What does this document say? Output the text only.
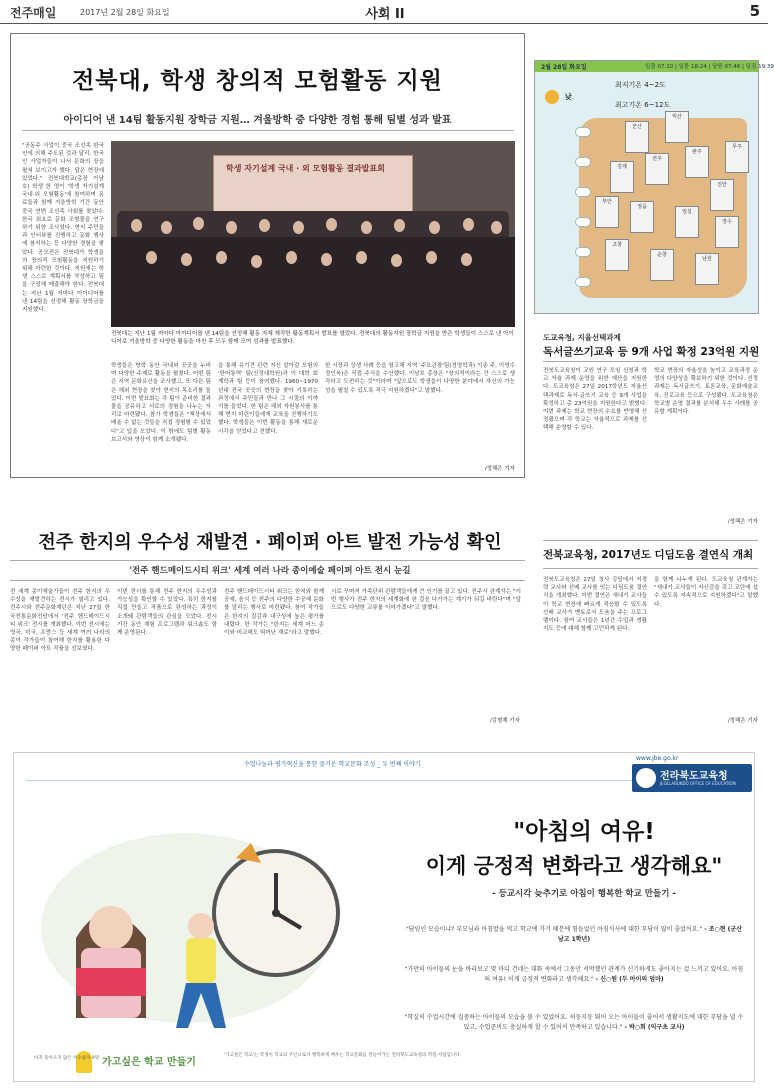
전주매일	2017년 2월 28일 화요일	사회 II	5
전북대, 학생 창의적 모험활동 지원
아이디어 낸 14팀 활동지원 장학금 지원… 겨울방학 중 다양한 경험 통해 팀별 성과 발표
"공동주 사업이 중국 조선족 한국인에 의해 주도된 것과 달리, 한국인 사업자들이 나서 문화의 장을 펼쳐 보이고자 했다. 답은 현장에 있었다." 전북대학교(총장 이남호) 학생 한 명이 '학생 자기설계 국내·외 모험활동'에 참여하며 동료들과 함께 겨울방학 기간 동안 중국 연변 조선족 사회를 찾았다. 한국 최초로 문화 조형물을 연구하기 위한 조사였다. 현지 주민들과 인터뷰를 진행하고 문화 행사에 참석하는 등 다양한 경험을 쌓았다. 공모전은 전북대가 학생들의 창의적 모험활동을 지원하기 위해 마련한 것이다. 지원에는 학생 스스로 계획서를 작성하고 팀을 구성해 제출해야 한다. 전북대는 지난 1월 저마다 아이디어를 낸 14팀을 선정해 활동 장학금을 지원했다.
학생 자기설계 국내 · 외 모험활동 결과발표회
전북대는 지난 1월 저마다 아이디어를 낸 14팀을 선정해 활동 자체 제작한 활동계획서 발표를 열었다. 전북대의 활동지원 장학금 지원을 받은 학생들이 스스로 낸 아이디어로 겨울방학 중 다양한 활동을 마친 후 모두 함께 모여 성과를 발표했다.
학생들은 방학 동안 국내외 곳곳을 누비며 다양한 주제로 활동을 펼쳤다. 어떤 팀은 지역 문화유산을 조사했고, 또 다른 팀은 해외 현장을 찾아 현지의 목소리를 들었다. 이번 발표회는 각 팀이 준비한 결과물을 공유하고 서로의 경험을 나누는 자리로 마련됐다. 참가 학생들은 "책상에서 배울 수 없는 것들을 직접 경험할 수 있었다"고 입을 모았다. 이 밖에도 팀별 활동 보고서와 영상이 함께 소개됐다.
을 통해 유기견 관련 자신 알아갈 모험의 '한어통역' 팀(신정대학원)과 이 대학 회계학과 팀 등이 참여했다. 1960~1970년대 전국 곳곳의 현장을 찾아 기록하는 과정에서 주민들과 만나 그 시절의 이야기를 들었다. 한 팀은 해외 자원봉사를 통해 현지 어린이들에게 교육을 진행하기도 했다. 학생들은 이번 활동을 통해 새로운 시각을 얻었다고 전했다.
한 시장과 상생 사례 등을 참고해 지역 '주요관광'팀(경영학과) 이송 주, 이영수 정인욱)은 직접 주식을 수산했다. 이남호 총장은 "창의적이라는 건 스스로 생각하고 도전하는 것"이라며 "앞으로도 학생들이 다양한 분야에서 자신의 가능성을 펼칠 수 있도록 적극 지원하겠다"고 말했다.
/정해은 기자
전주 한지의 우수성 재발견 · 페이퍼 아트 발전 가능성 확인
'전주 핸드메이드시티 위크' 세계 여러 나라 종이예술 페이퍼 아트 전시 눈길
전 세계 종이예술가들이 전주 한지의 우수성을 재발견하는 전시가 열리고 있다. 전주시와 전주문화재단은 지난 27일 한국전통문화전당에서 '전주 핸드메이드시티 위크' 전시를 개최했다. 이번 전시에는 영국, 미국, 프랑스 등 세계 여러 나라의 종이 작가들이 참여해 한지를 활용한 다양한 페이퍼 아트 작품을 선보였다.
이번 전시를 통해 전주 한지의 우수성과 가능성을 확인할 수 있었다. 특히 한지를 직접 만들고 작품으로 완성하는 과정이 소개돼 관람객들의 관심을 모았다. 전시 기간 동안 체험 프로그램과 워크숍도 함께 운영된다.
전주 핸드메이드시티 위크는 한지와 함께 공예, 음식 등 전주의 다양한 수공예 문화를 알리는 행사로 마련됐다. 참여 작가들은 한지의 질감과 내구성에 높은 평가를 내렸다. 한 작가는 "한지는 세계 어느 종이와 비교해도 뛰어난 재료"라고 말했다.
시로 꾸며져 가족단위 관람객들에게 큰 인기를 끌고 있다. 전주시 관계자는 "이번 행사가 전주 한지의 세계화에 한 걸음 다가가는 계기가 되길 바란다"며 "앞으로도 다양한 교류를 이어가겠다"고 말했다.
/김형제 기자
2월 28일 화요일	일출 07:10 | 일몰 18:24 | 달뜸 07:46 | 달짐 19:39
낮
최저기온 4~2도
최고기온 6~12도
군산
익산
전주
완주
김제
부안
정읍
고창
진안
무주
장수
임실
남원
순창
도교육청, 지율선택과제
독서글쓰기교육 등 9개 사업 확정 23억원 지원
전북도교육청이 교원 연구 모임 신청과 학교 자율 과제 운영을 위한 예산을 지원한다. 도교육청은 27일 2017학년도 자율선택과제로 독서·글쓰기 교육 등 9개 사업을 확정하고 총 23억원을 지원한다고 밝혔다. 이번 과제는 학교 현장의 수요를 반영해 선정됐으며 각 학교는 자율적으로 과제를 선택해 운영할 수 있다.
학교 현장의 자율성을 높이고 교육과정 운영의 다양성을 확보하기 위한 것이다. 선정 과제는 독서글쓰기, 토론교육, 문화예술교육, 진로교육 등으로 구성됐다. 도교육청은 학교별 운영 결과를 분석해 우수 사례를 공유할 계획이다.
/정해은 기자
전북교육청, 2017년도 디딤도움 결연식 개최
전북도교육청은 27일 청사 강당에서 저경력 교사와 선배 교사를 잇는 디딤도움 결연식을 개최했다. 이번 결연은 새내기 교사들이 학교 현장에 빠르게 적응할 수 있도록 선배 교사가 멘토로서 도움을 주는 프로그램이다. 참여 교사들은 1년간 수업과 생활지도 등에 대해 함께 고민하게 된다.
을 함께 나누게 된다. 도교육청 관계자는 "새내기 교사들이 자신감을 갖고 교단에 설 수 있도록 지속적으로 지원하겠다"고 말했다.
/정해은 기자
수업나눔과 평가혁신을 통한 즐거운 학교문화 조성 _ 두 번째 이야기
www.jbe.go.kr
전라북도교육청
JEOLLABUKDO OFFICE OF EDUCATION
"아침의 여유!
이게 긍정적 변화라고 생각해요"
- 등교시각 늦추기로 아침이 행복한 학교 만들기 -
"담임인 모습이냐? 부모님과 아침밥을 먹고 학교에 가기 때문에 힘들었던 아침식사에 대한 부담이 많이 줄었어요." - 조○현 (군산남고 1학년)
"가만히 아이들의 눈을 바라보고 몇 마디 건네는 대화 속에서 그동안 서먹했던 관계가 신기하게도 좋아지는 걸 느끼고 있어요. 아침의 여유! 이게 긍정적 변화라고 생각해요." - 신○원 (두 아이의 엄마)
"학실히 수업시간에 집중하는 아이들의 모습을 볼 수 있었어요. 허둥지둥 뛰어 오는 아이들이 줄어서 생활지도에 대한 부담을 덜 수 있고, 수업준비도 충실하게 할 수 있어서 만족하고 있습니다." - 박○희 (익구초 교사)
아직 돌아오지 않은 미수습자 9명 가고싶은 학교 만들기
'가고싶은 학교'는 학생이 학교의 주인으로서 행복하게 배우는 학교문화를 만들어가는 전라북도교육청의 역점 사업입니다.
